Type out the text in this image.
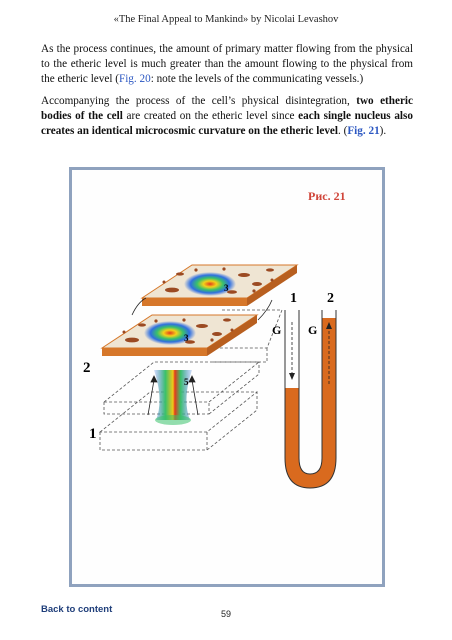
«The Final Appeal to Mankind» by Nicolai Levashov

As the process continues, the amount of primary matter flowing from the physical to the etheric level is much greater than the amount flowing to the physical from the etheric level (Fig. 20: note the levels of the communicating vessels.)

Accompanying the process of the cell’s physical disintegration, two etheric bodies of the cell are created on the etheric level since each single nucleus also creates an identical microcosmic curvature on the etheric level. (Fig. 21).

Рис. 21
1
2
3
3
5
1 2
G G
Back to content	59
